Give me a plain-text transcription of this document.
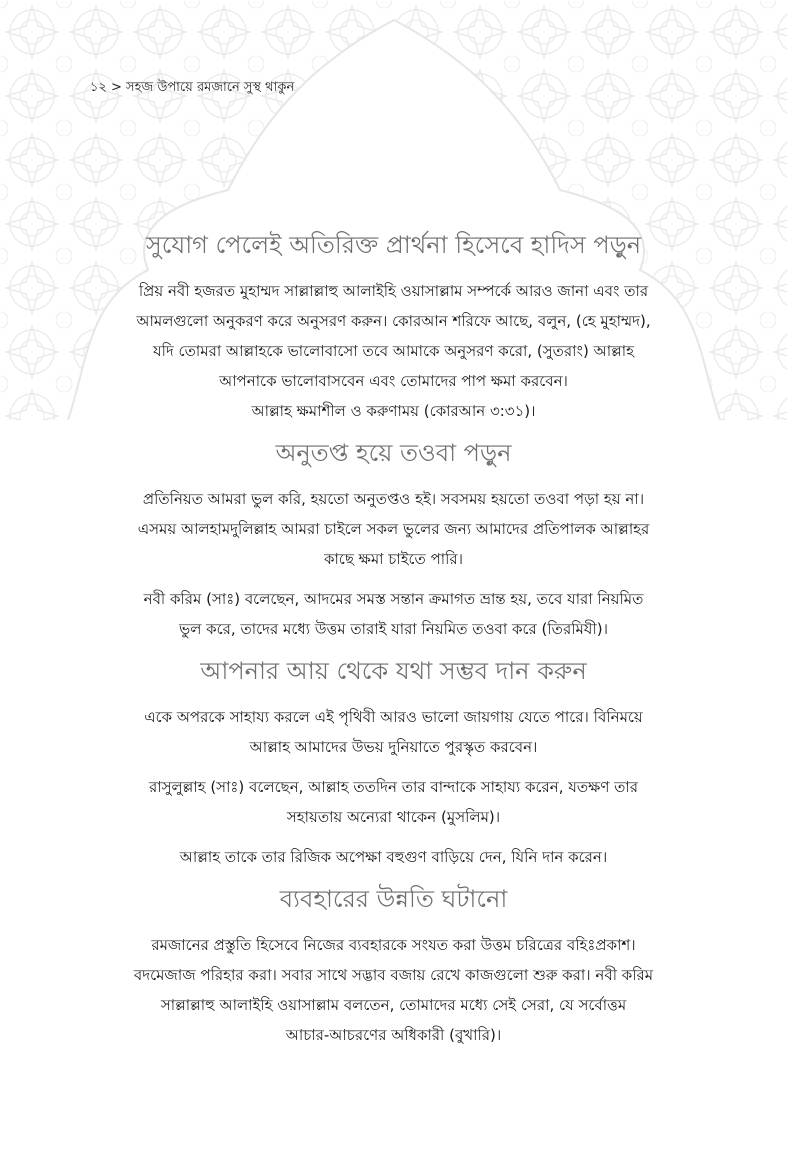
১২ > সহজ উপায়ে রমজানে সুস্থ থাকুন
সুযোগ পেলেই অতিরিক্ত প্রার্থনা হিসেবে হাদিস পড়ুন

প্রিয় নবী হজরত মুহাম্মদ সাল্লাল্লাহু আলাইহি ওয়াসাল্লাম সম্পর্কে আরও জানা এবং তার
আমলগুলো অনুকরণ করে অনুসরণ করুন। কোরআন শরিফে আছে, বলুন, (হে মুহাম্মদ),
যদি তোমরা আল্লাহকে ভালোবাসো তবে আমাকে অনুসরণ করো, (সুতরাং) আল্লাহ
আপনাকে ভালোবাসবেন এবং তোমাদের পাপ ক্ষমা করবেন।
আল্লাহ ক্ষমাশীল ও করুণাময় (কোরআন ৩:৩১)।

অনুতপ্ত হয়ে তওবা পড়ুন

প্রতিনিয়ত আমরা ভুল করি, হয়তো অনুতপ্তও হই। সবসময় হয়তো তওবা পড়া হয় না।
এসময় আলহামদুলিল্লাহ আমরা চাইলে সকল ভুলের জন্য আমাদের প্রতিপালক আল্লাহর
কাছে ক্ষমা চাইতে পারি।

নবী করিম (সাঃ) বলেছেন, আদমের সমস্ত সন্তান ক্রমাগত ভ্রান্ত হয়, তবে যারা নিয়মিত
ভুল করে, তাদের মধ্যে উত্তম তারাই যারা নিয়মিত তওবা করে (তিরমিযী)।

আপনার আয় থেকে যথা সম্ভব দান করুন

একে অপরকে সাহায্য করলে এই পৃথিবী আরও ভালো জায়গায় যেতে পারে। বিনিময়ে
আল্লাহ আমাদের উভয় দুনিয়াতে পুরস্কৃত করবেন।

রাসুলুল্লাহ (সাঃ) বলেছেন, আল্লাহ ততদিন তার বান্দাকে সাহায্য করেন, যতক্ষণ তার
সহায়তায় অন্যেরা থাকেন (মুসলিম)।

আল্লাহ তাকে তার রিজিক অপেক্ষা বহুগুণ বাড়িয়ে দেন, যিনি দান করেন।

ব্যবহারের উন্নতি ঘটানো

রমজানের প্রস্তুতি হিসেবে নিজের ব্যবহারকে সংযত করা উত্তম চরিত্রের বহিঃপ্রকাশ।
বদমেজাজ পরিহার করা। সবার সাথে সদ্ভাব বজায় রেখে কাজগুলো শুরু করা। নবী করিম
সাল্লাল্লাহু আলাইহি ওয়াসাল্লাম বলতেন, তোমাদের মধ্যে সেই সেরা, যে সর্বোত্তম
আচার-আচরণের অধিকারী (বুখারি)।
